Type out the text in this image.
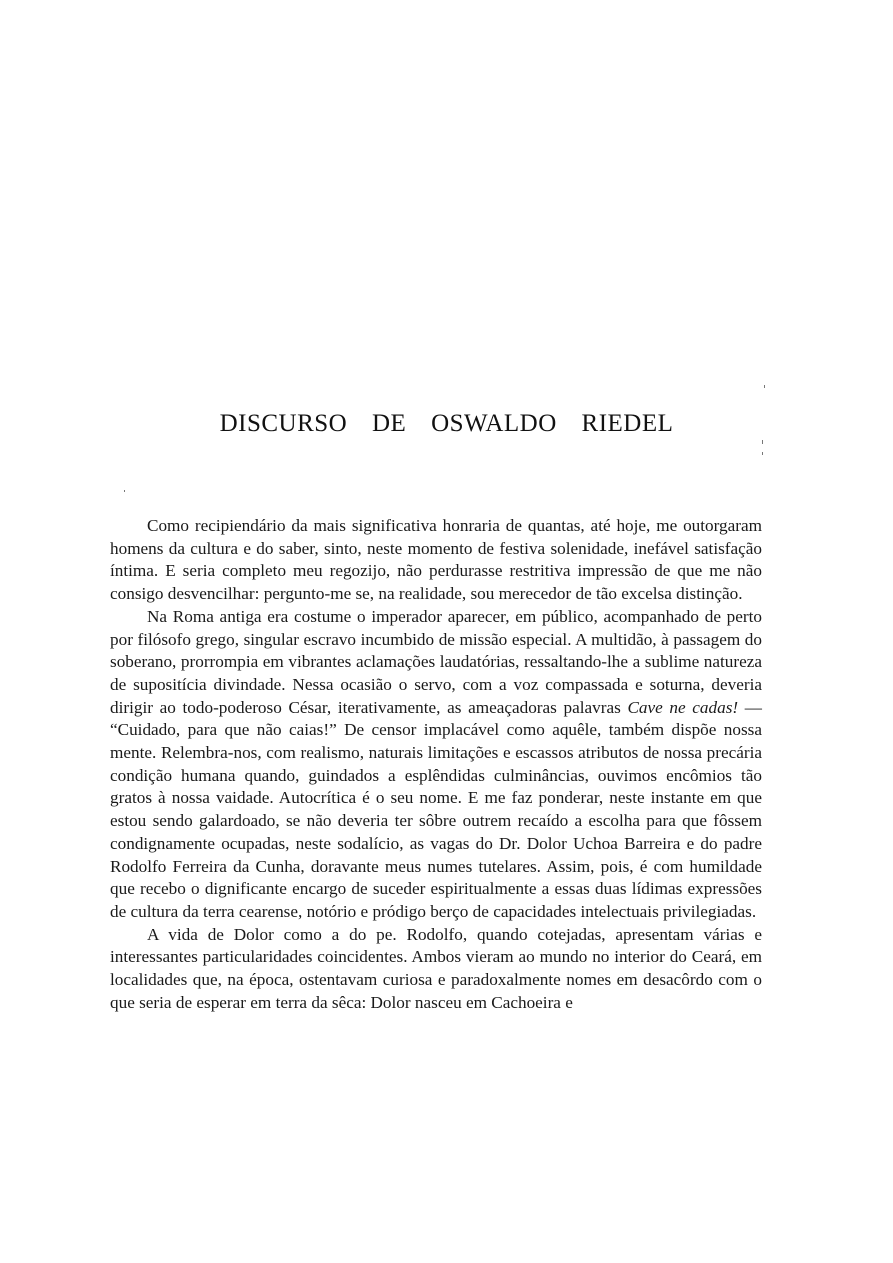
DISCURSO DE OSWALDO RIEDEL

Como recipiendário da mais significativa honraria de quantas, até hoje, me outorgaram homens da cultura e do saber, sinto, neste momento de festiva solenidade, inefável satisfação íntima. E seria completo meu regozijo, não perdurasse restritiva impressão de que me não consigo desvencilhar: pergunto-me se, na realidade, sou merecedor de tão excelsa distinção.

Na Roma antiga era costume o imperador aparecer, em público, acompanhado de perto por filósofo grego, singular escravo incumbido de missão especial. A multidão, à passagem do soberano, prorrompia em vibrantes aclamações laudatórias, ressaltando-lhe a sublime natureza de supositícia divindade. Nessa ocasião o servo, com a voz compassada e soturna, deveria dirigir ao todo-poderoso César, iterativamente, as ameaçadoras palavras Cave ne cadas! — “Cuidado, para que não caias!” De censor implacável como aquêle, também dispõe nossa mente. Relembra-nos, com realismo, naturais limitações e escassos atributos de nossa precária condição humana quando, guindados a esplêndidas culminâncias, ouvimos encômios tão gratos à nossa vaidade. Autocrítica é o seu nome. E me faz ponderar, neste instante em que estou sendo galardoado, se não deveria ter sôbre outrem recaído a escolha para que fôssem condignamente ocupadas, neste sodalício, as vagas do Dr. Dolor Uchoa Barreira e do padre Rodolfo Ferreira da Cunha, doravante meus numes tutelares. Assim, pois, é com humildade que recebo o dignificante encargo de suceder espiritualmente a essas duas lídimas expressões de cultura da terra cearense, notório e pródigo berço de capacidades intelectuais privilegiadas.

A vida de Dolor como a do pe. Rodolfo, quando cotejadas, apresentam várias e interessantes particularidades coincidentes. Ambos vieram ao mundo no interior do Ceará, em localidades que, na época, ostentavam curiosa e paradoxalmente nomes em desacôrdo com o que seria de esperar em terra da sêca: Dolor nasceu em Cachoeira e
